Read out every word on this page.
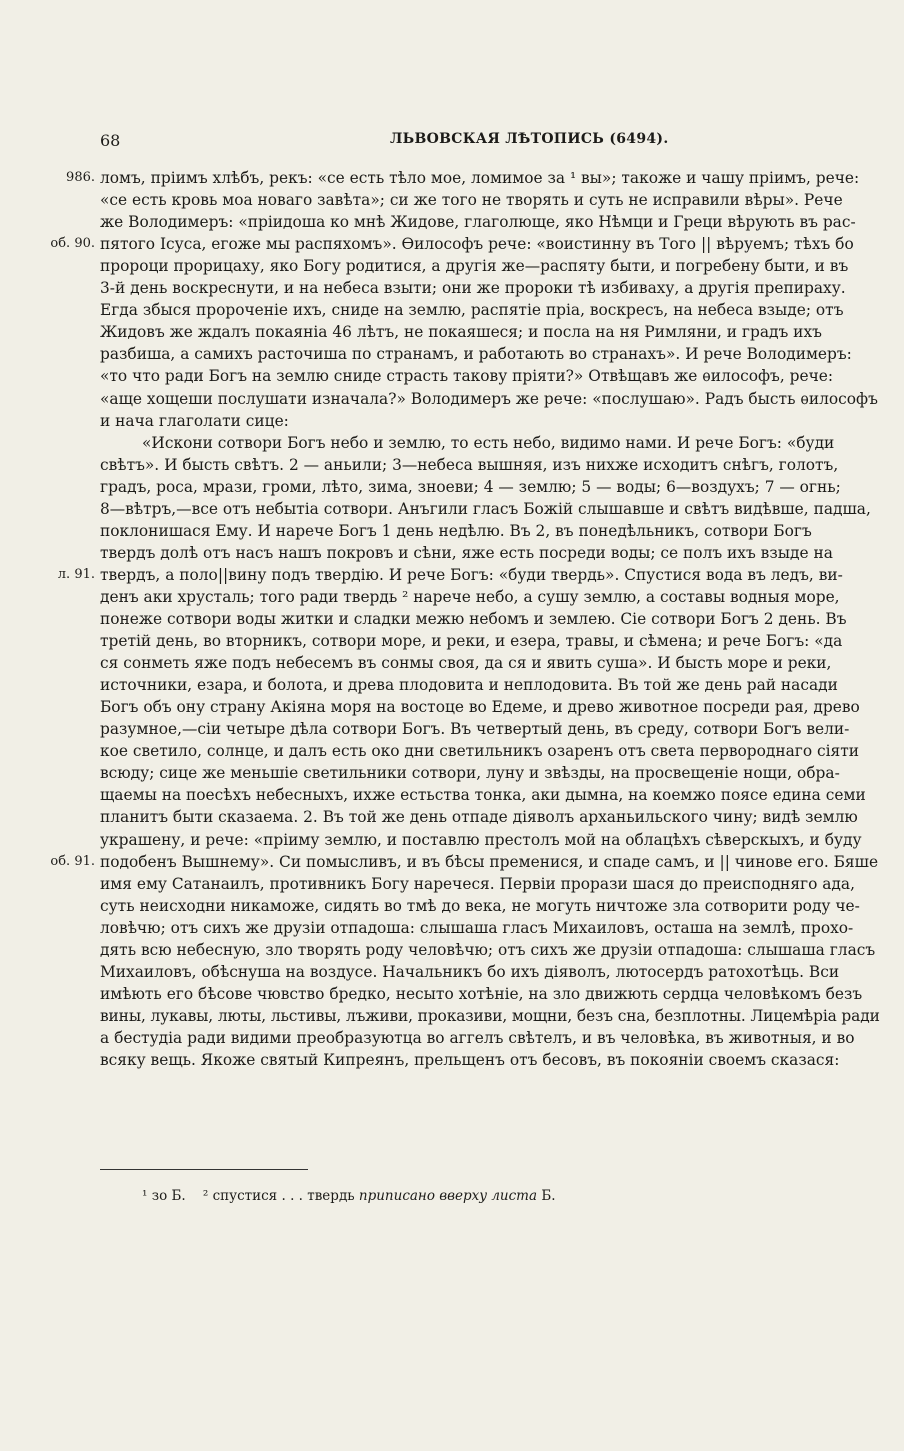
68	ЛЬВОВСКАЯ ЛѢТОПИСЬ (6494).
986. ломъ, пріимъ хлѣбъ, рекъ: «се есть тѣло мое, ломимое за ¹ вы»; такоже и чашу пріимъ, рече:
«се есть кровь моа новаго завѣта»; си же того не творять и суть не исправили вѣры». Рече
же Володимеръ: «пріидоша ко мнѣ Жидове, глаголюще, яко Нѣмци и Греци вѣрують въ рас-
об. 90. пятого Ісуса, егоже мы распяхомъ». Ѳилософъ рече: «воистинну въ Того || вѣруемъ; тѣхъ бо
пророци прорицаху, яко Богу родитися, а другія же—распяту быти, и погребену быти, и въ
3-й день воскреснути, и на небеса взыти; они же пророки тѣ избиваху, а другія препираху.
Егда збыся пророченіе ихъ, сниде на землю, распятіе пріа, воскресъ, на небеса взыде; отъ
Жидовъ же ждалъ покаяніа 46 лѣтъ, не покаяшеся; и посла на ня Римляни, и градъ ихъ
разбиша, а самихъ расточиша по странамъ, и работають во странахъ». И рече Володимеръ:
«то что ради Богъ на землю сниде страсть такову пріяти?» Отвѣщавъ же ѳилософъ, рече:
«аще хощеши послушати изначала?» Володимеръ же рече: «послушаю». Радъ бысть ѳилософъ
и нача глаголати сице:
«Искони сотвори Богъ небо и землю, то есть небо, видимо нами. И рече Богъ: «буди
свѣтъ». И бысть свѣтъ. 2 — аньили; 3—небеса вышняя, изъ нихже исходитъ снѣгъ, голотъ,
градъ, роса, мрази, громи, лѣто, зима, зноеви; 4 — землю; 5 — воды; 6—воздухъ; 7 — огнь;
8—вѣтръ,—все отъ небытіа сотвори. Анъгили гласъ Божій слышавше и свѣтъ видѣвше, падша,
поклонишася Ему. И нарече Богъ 1 день недѣлю. Въ 2, въ понедѣльникъ, сотвори Богъ
твердъ долѣ отъ насъ нашъ покровъ и сѣни, яже есть посреди воды; се полъ ихъ взыде на
л. 91. твердъ, а поло||вину подъ твердію. И рече Богъ: «буди твердь». Спустися вода въ ледъ, ви-
денъ аки хрусталь; того ради твердь ² нарече небо, а сушу землю, а составы водныя море,
понеже сотвори воды житки и сладки межю небомъ и землею. Сіе сотвори Богъ 2 день. Въ
третій день, во вторникъ, сотвори море, и реки, и езера, травы, и сѣмена; и рече Богъ: «да
ся сонметь яже подъ небесемъ въ сонмы своя, да ся и явить суша». И бысть море и реки,
источники, езара, и болота, и древа плодовита и неплодовита. Въ той же день рай насади
Богъ объ ону страну Акіяна моря на востоце во Едеме, и древо животное посреди рая, древо
разумное,—сіи четыре дѣла сотвори Богъ. Въ четвертый день, въ среду, сотвори Богъ вели-
кое светило, солнце, и далъ есть око дни светильникъ озаренъ отъ света первороднаго сіяти
всюду; сице же меньшіе светильники сотвори, луну и звѣзды, на просвещеніе нощи, обра-
щаемы на поесѣхъ небесныхъ, ихже естьства тонка, аки дымна, на коемжо поясе едина семи
планитъ быти сказаема. 2. Въ той же день отпаде діяволъ арханьильского чину; видѣ землю
украшену, и рече: «пріиму землю, и поставлю престолъ мой на облацѣхъ сѣверскыхъ, и буду
об. 91. подобенъ Вышнему». Си помысливъ, и въ бѣсы пременися, и спаде самъ, и || чинове его. Бяше
имя ему Сатанаилъ, противникъ Богу наречеся. Первіи прорази шася до преисподняго ада,
суть неисходни никаможе, сидять во тмѣ до века, не могуть ничтоже зла сотворити роду че-
ловѣчю; отъ сихъ же друзіи отпадоша: слышаша гласъ Михаиловъ, осташа на землѣ, прохо-
дять всю небесную, зло творять роду человѣчю; отъ сихъ же друзіи отпадоша: слышаша гласъ
Михаиловъ, обѣснуша на воздусе. Начальникъ бо ихъ діяволъ, лютосердъ ратохотѣць. Вси
имѣють его бѣсове чювство бредко, несыто хотѣніе, на зло движють сердца человѣкомъ безъ
вины, лукавы, люты, льстивы, лъживи, проказиви, мощни, безъ сна, безплотны. Лицемѣріа ради
а бестудіа ради видими преобразуютца во аггелъ свѣтелъ, и въ человѣка, въ животныя, и во
всяку вещь. Якоже святый Кипреянъ, прельщенъ отъ бесовъ, въ покояніи своемъ сказася:
¹ зо Б. ² спустися . . . твердь приписано вверху листа Б.
